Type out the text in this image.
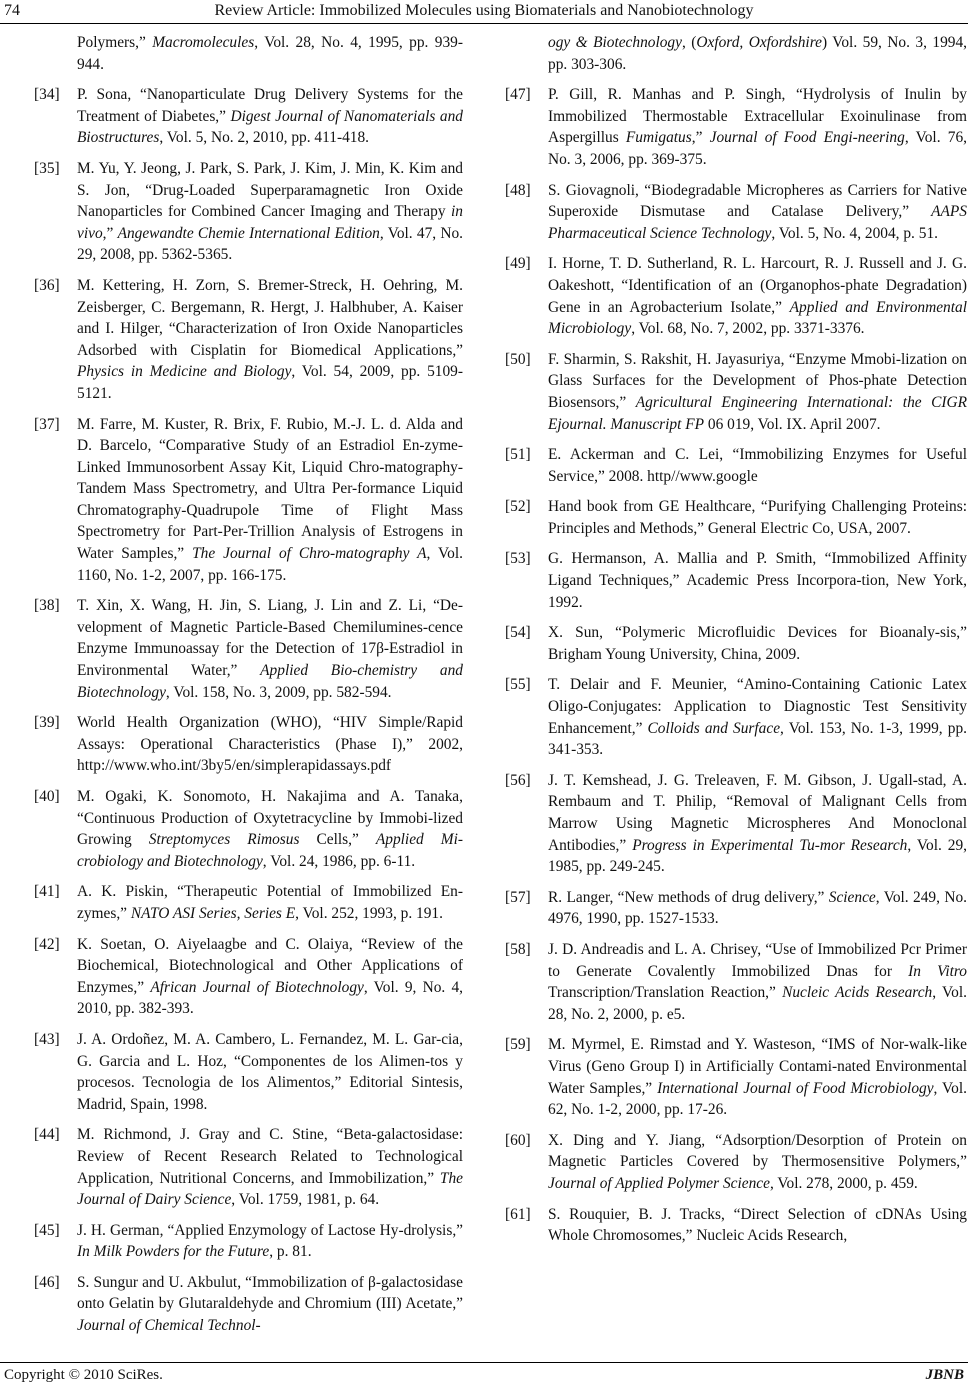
74	Review Article: Immobilized Molecules using Biomaterials and Nanobiotechnology
Polymers,” Macromolecules, Vol. 28, No. 4, 1995, pp. 939-944.
[34] P. Sona, “Nanoparticulate Drug Delivery Systems for the Treatment of Diabetes,” Digest Journal of Nanomaterials and Biostructures, Vol. 5, No. 2, 2010, pp. 411-418.
[35] M. Yu, Y. Jeong, J. Park, S. Park, J. Kim, J. Min, K. Kim and S. Jon, “Drug-Loaded Superparamagnetic Iron Oxide Nanoparticles for Combined Cancer Imaging and Therapy in vivo,” Angewandte Chemie International Edition, Vol. 47, No. 29, 2008, pp. 5362-5365.
[36] M. Kettering, H. Zorn, S. Bremer-Streck, H. Oehring, M. Zeisberger, C. Bergemann, R. Hergt, J. Halbhuber, A. Kaiser and I. Hilger, “Characterization of Iron Oxide Nanoparticles Adsorbed with Cisplatin for Biomedical Applications,” Physics in Medicine and Biology, Vol. 54, 2009, pp. 5109-5121.
[37] M. Farre, M. Kuster, R. Brix, F. Rubio, M.-J. L. d. Alda and D. Barcelo, “Comparative Study of an Estradiol En-zyme-Linked Immunosorbent Assay Kit, Liquid Chro-matography-Tandem Mass Spectrometry, and Ultra Per-formance Liquid Chromatography-Quadrupole Time of Flight Mass Spectrometry for Part-Per-Trillion Analysis of Estrogens in Water Samples,” The Journal of Chro-matography A, Vol. 1160, No. 1-2, 2007, pp. 166-175.
[38] T. Xin, X. Wang, H. Jin, S. Liang, J. Lin and Z. Li, “De-velopment of Magnetic Particle-Based Chemilumines-cence Enzyme Immunoassay for the Detection of 17β-Estradiol in Environmental Water,” Applied Bio-chemistry and Biotechnology, Vol. 158, No. 3, 2009, pp. 582-594.
[39] World Health Organization (WHO), “HIV Simple/Rapid Assays: Operational Characteristics (Phase I),” 2002, http://www.who.int/3by5/en/simplerapidassays.pdf
[40] M. Ogaki, K. Sonomoto, H. Nakajima and A. Tanaka, “Continuous Production of Oxytetracycline by Immobi-lized Growing Streptomyces Rimosus Cells,” Applied Mi-crobiology and Biotechnology, Vol. 24, 1986, pp. 6-11.
[41] A. K. Piskin, “Therapeutic Potential of Immobilized En-zymes,” NATO ASI Series, Series E, Vol. 252, 1993, p. 191.
[42] K. Soetan, O. Aiyelaagbe and C. Olaiya, “Review of the Biochemical, Biotechnological and Other Applications of Enzymes,” African Journal of Biotechnology, Vol. 9, No. 4, 2010, pp. 382-393.
[43] J. A. Ordoñez, M. A. Cambero, L. Fernandez, M. L. Gar-cia, G. Garcia and L. Hoz, “Componentes de los Alimen-tos y procesos. Tecnologia de los Alimentos,” Editorial Sintesis, Madrid, Spain, 1998.
[44] M. Richmond, J. Gray and C. Stine, “Beta-galactosidase: Review of Recent Research Related to Technological Application, Nutritional Concerns, and Immobilization,” The Journal of Dairy Science, Vol. 1759, 1981, p. 64.
[45] J. H. German, “Applied Enzymology of Lactose Hy-drolysis,” In Milk Powders for the Future, p. 81.
[46] S. Sungur and U. Akbulut, “Immobilization of β-galactosidase onto Gelatin by Glutaraldehyde and Chromium (III) Acetate,” Journal of Chemical Technol-
ogy & Biotechnology, (Oxford, Oxfordshire) Vol. 59, No. 3, 1994, pp. 303-306.
[47] P. Gill, R. Manhas and P. Singh, “Hydrolysis of Inulin by Immobilized Thermostable Extracellular Exoinulinase from Aspergillus Fumigatus,” Journal of Food Engi-neering, Vol. 76, No. 3, 2006, pp. 369-375.
[48] S. Giovagnoli, “Biodegradable Micropheres as Carriers for Native Superoxide Dismutase and Catalase Delivery,” AAPS Pharmaceutical Science Technology, Vol. 5, No. 4, 2004, p. 51.
[49] I. Horne, T. D. Sutherland, R. L. Harcourt, R. J. Russell and J. G. Oakeshott, “Identification of an (Organophos-phate Degradation) Gene in an Agrobacterium Isolate,” Applied and Environmental Microbiology, Vol. 68, No. 7, 2002, pp. 3371-3376.
[50] F. Sharmin, S. Rakshit, H. Jayasuriya, “Enzyme Mmobi-lization on Glass Surfaces for the Development of Phos-phate Detection Biosensors,” Agricultural Engineering International: the CIGR Ejournal. Manuscript FP 06 019, Vol. IX. April 2007.
[51] E. Ackerman and C. Lei, “Immobilizing Enzymes for Useful Service,” 2008. http//www.google
[52] Hand book from GE Healthcare, “Purifying Challenging Proteins: Principles and Methods,” General Electric Co, USA, 2007.
[53] G. Hermanson, A. Mallia and P. Smith, “Immobilized Affinity Ligand Techniques,” Academic Press Incorpora-tion, New York, 1992.
[54] X. Sun, “Polymeric Microfluidic Devices for Bioanaly-sis,” Brigham Young University, China, 2009.
[55] T. Delair and F. Meunier, “Amino-Containing Cationic Latex Oligo-Conjugates: Application to Diagnostic Test Sensitivity Enhancement,” Colloids and Surface, Vol. 153, No. 1-3, 1999, pp. 341-353.
[56] J. T. Kemshead, J. G. Treleaven, F. M. Gibson, J. Ugall-stad, A. Rembaum and T. Philip, “Removal of Malignant Cells from Marrow Using Magnetic Microspheres And Monoclonal Antibodies,” Progress in Experimental Tu-mor Research, Vol. 29, 1985, pp. 249-245.
[57] R. Langer, “New methods of drug delivery,” Science, Vol. 249, No. 4976, 1990, pp. 1527-1533.
[58] J. D. Andreadis and L. A. Chrisey, “Use of Immobilized Pcr Primer to Generate Covalently Immobilized Dnas for In Vitro Transcription/Translation Reaction,” Nucleic Acids Research, Vol. 28, No. 2, 2000, p. e5.
[59] M. Myrmel, E. Rimstad and Y. Wasteson, “IMS of Nor-walk-like Virus (Geno Group I) in Artificially Contami-nated Environmental Water Samples,” International Journal of Food Microbiology, Vol. 62, No. 1-2, 2000, pp. 17-26.
[60] X. Ding and Y. Jiang, “Adsorption/Desorption of Protein on Magnetic Particles Covered by Thermosensitive Polymers,” Journal of Applied Polymer Science, Vol. 278, 2000, p. 459.
[61] S. Rouquier, B. J. Tracks, “Direct Selection of cDNAs Using Whole Chromosomes,” Nucleic Acids Research,
Copyright © 2010 SciRes.	JBNB
